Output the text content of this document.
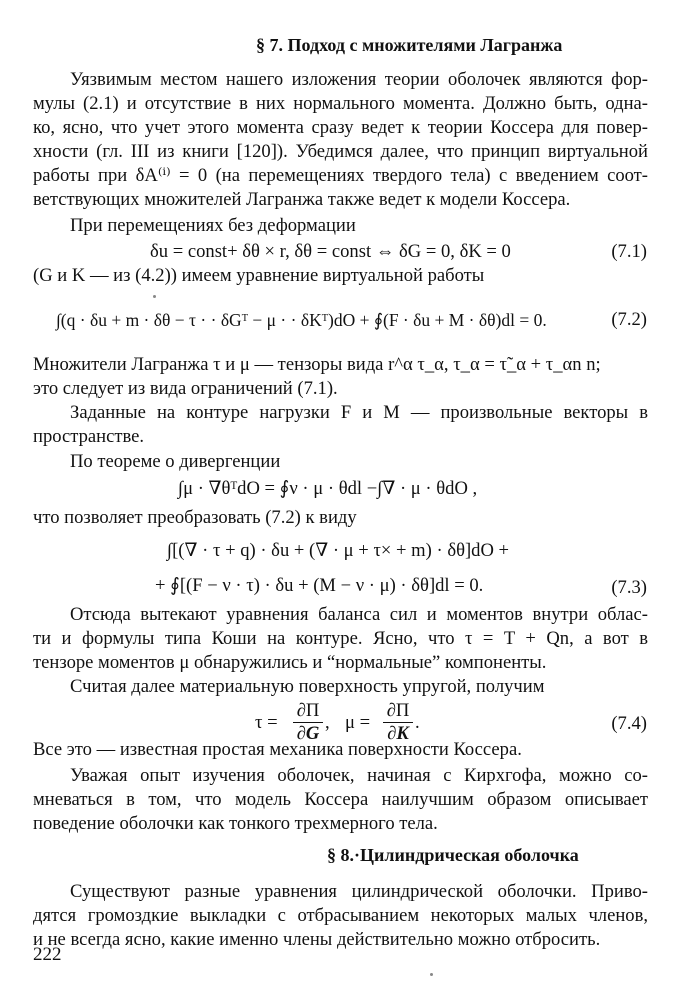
§ 7. Подход с множителями Лагранжа
Уязвимым местом нашего изложения теории оболочек являются фор-
мулы (2.1) и отсутствие в них нормального момента. Должно быть, одна-
ко, ясно, что учет этого момента сразу ведет к теории Коссера для повер-
хности (гл. III из книги [120]). Убедимся далее, что принцип виртуальной
работы при δA⁽ⁱ⁾ = 0 (на перемещениях твердого тела) с введением соот-
ветствующих множителей Лагранжа также ведет к модели Коссера.
При перемещениях без деформации
δu = const+ δθ × r, δθ = const ⇔ δG = 0, δK = 0	(7.1)
(G и K — из (4.2)) имеем уравнение виртуальной работы
∫(q · δu + m · δθ − τ · · δGᵀ − μ · · δKᵀ)dO + ∮(F · δu + M · δθ)dl = 0.	(7.2)
Множители Лагранжа τ и μ — тензоры вида r^α τ_α, τ_α = τ̃_α + τ_αn n;
это следует из вида ограничений (7.1).
Заданные на контуре нагрузки F и M — произвольные векторы в
пространстве.
По теореме о дивергенции
∫μ · ∇θᵀdO = ∮ν · μ · θdl −∫∇ · μ · θdO ,
что позволяет преобразовать (7.2) к виду
∫[(∇ · τ + q) · δu + (∇ · μ + τ× + m) · δθ]dO +
+ ∮[(F − ν · τ) · δu + (M − ν · μ) · δθ]dl = 0.	(7.3)
Отсюда вытекают уравнения баланса сил и моментов внутри облас-
ти и формулы типа Коши на контуре. Ясно, что τ = T + Qn, а вот в
тензоре моментов μ обнаружились и “нормальные” компоненты.
Считая далее материальную поверхность упругой, получим
τ =
∂Π
∂G
, μ =
∂Π
∂K
.	(7.4)
Все это — известная простая механика поверхности Коссера.
Уважая опыт изучения оболочек, начиная с Кирхгофа, можно со-
мневаться в том, что модель Коссера наилучшим образом описывает
поведение оболочки как тонкого трехмерного тела.
§ 8.·Цилиндрическая оболочка
Существуют разные уравнения цилиндрической оболочки. Приво-
дятся громоздкие выкладки с отбрасыванием некоторых малых членов,
и не всегда ясно, какие именно члены действительно можно отбросить.
222
